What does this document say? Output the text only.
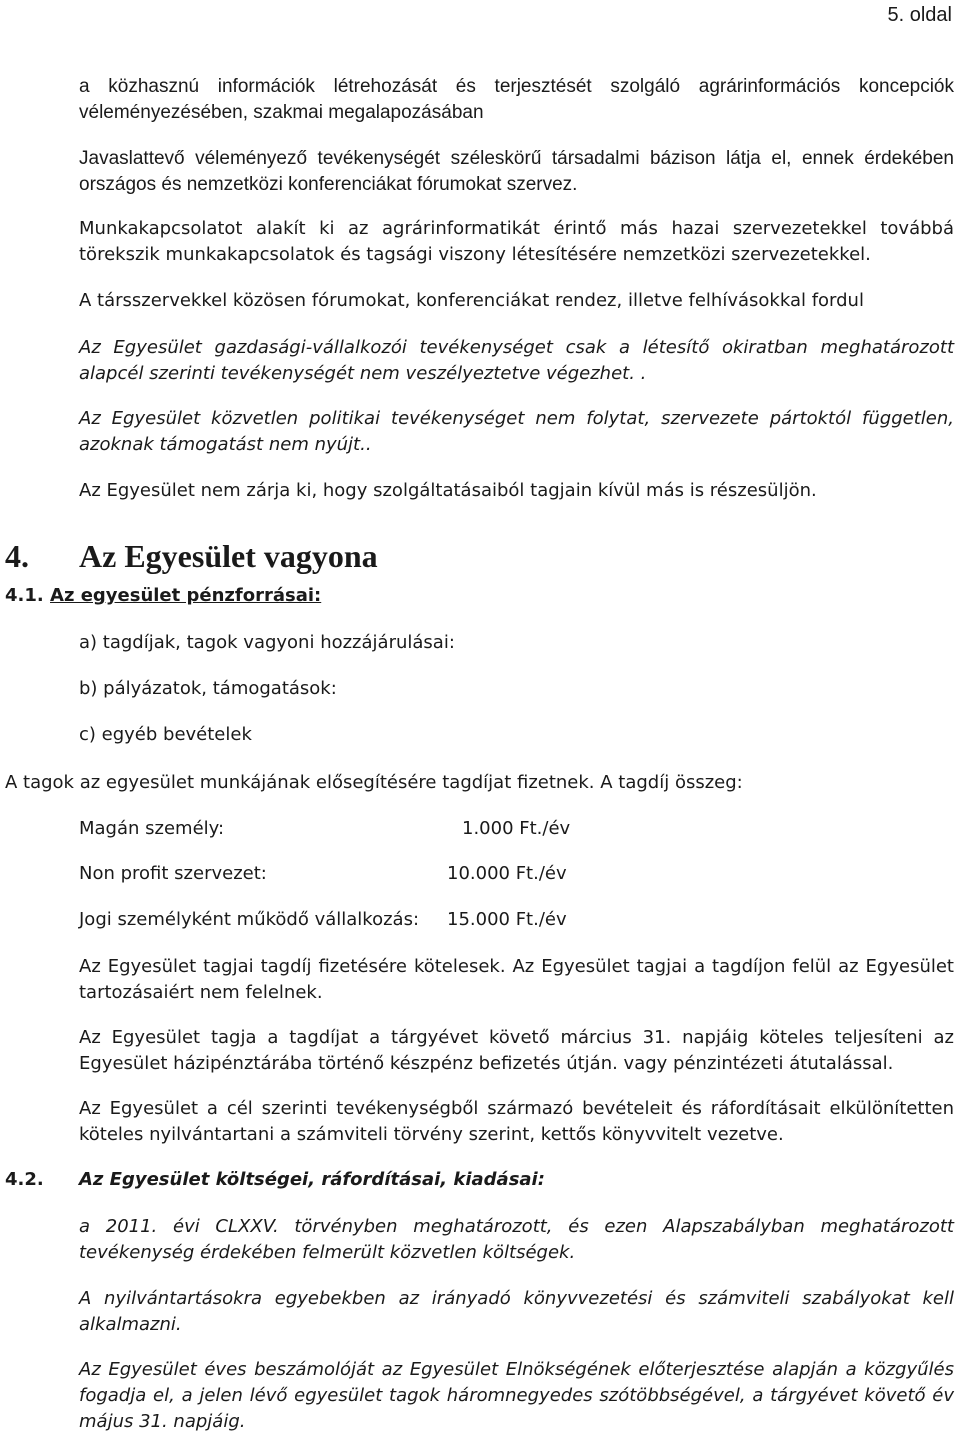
5. oldal
a közhasznú információk létrehozását és terjesztését szolgáló agrárinformációs koncepciók véleményezésében, szakmai megalapozásában
Javaslattevő véleményező tevékenységét széleskörű társadalmi bázison látja el, ennek érdekében országos és nemzetközi konferenciákat fórumokat szervez.
Munkakapcsolatot alakít ki az agrárinformatikát érintő más hazai szervezetekkel továbbá törekszik munkakapcsolatok és tagsági viszony létesítésére nemzetközi szervezetekkel.
A társszervekkel közösen fórumokat, konferenciákat rendez, illetve felhívásokkal fordul
Az Egyesület gazdasági-vállalkozói tevékenységet csak a létesítő okiratban meghatározott alapcél szerinti tevékenységét nem veszélyeztetve végezhet. .
Az Egyesület közvetlen politikai tevékenységet nem folytat, szervezete pártoktól független, azoknak támogatást nem nyújt..
Az Egyesület nem zárja ki, hogy szolgáltatásaiból tagjain kívül más is részesüljön.
4. Az Egyesület vagyona
4.1. Az egyesület pénzforrásai:
a) tagdíjak, tagok vagyoni hozzájárulásai:
b) pályázatok, támogatások:
c) egyéb bevételek
A tagok az egyesület munkájának elősegítésére tagdíjat fizetnek. A tagdíj összeg:
Magán személy:	1.000 Ft./év
Non profit szervezet:	10.000 Ft./év
Jogi személyként működő vállalkozás: 15.000 Ft./év
Az Egyesület tagjai tagdíj fizetésére kötelesek. Az Egyesület tagjai a tagdíjon felül az Egyesület tartozásaiért nem felelnek.
Az Egyesület tagja a tagdíjat a tárgyévet követő március 31. napjáig köteles teljesíteni az Egyesület házipénztárába történő készpénz befizetés útján. vagy pénzintézeti átutalással.
Az Egyesület a cél szerinti tevékenységből származó bevételeit és ráfordításait elkülönítetten köteles nyilvántartani a számviteli törvény szerint, kettős könyvvitelt vezetve.
4.2. Az Egyesület költségei, ráfordításai, kiadásai:
a 2011. évi CLXXV. törvényben meghatározott, és ezen Alapszabályban meghatározott tevékenység érdekében felmerült közvetlen költségek.
A nyilvántartásokra egyebekben az irányadó könyvvezetési és számviteli szabályokat kell alkalmazni.
Az Egyesület éves beszámolóját az Egyesület Elnökségének előterjesztése alapján a közgyűlés fogadja el, a jelen lévő egyesület tagok háromnegyedes szótöbbségével, a tárgyévet követő év május 31. napjáig.
